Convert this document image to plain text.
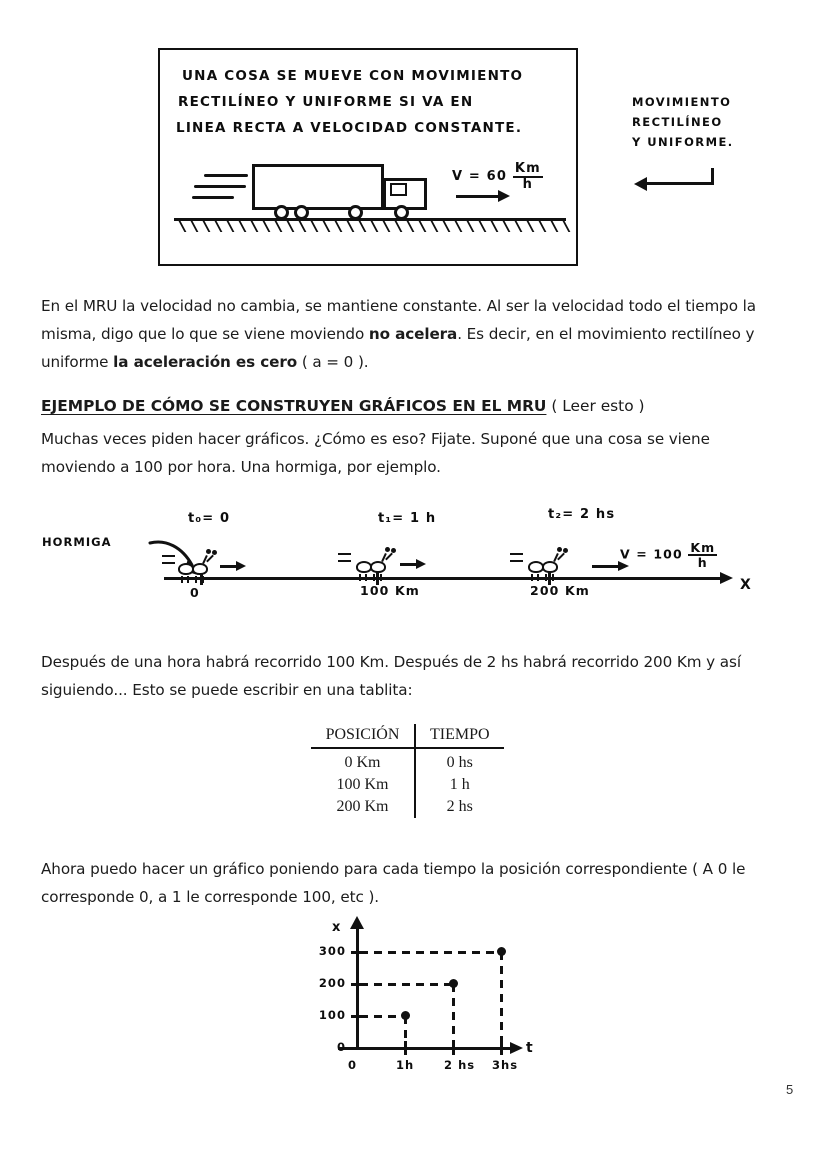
UNA COSA SE MUEVE CON MOVIMIENTO
RECTILÍNEO Y UNIFORME SI VA EN
LINEA RECTA A VELOCIDAD CONSTANTE.
$V = 60 \frac{Km}{h}$
MOVIMIENTO
RECTILÍNEO
Y UNIFORME.
En el MRU la velocidad no cambia, se mantiene constante. Al ser la velocidad todo el tiempo la misma, digo que lo que se viene moviendo no acelera. Es decir, en el movimiento rectilíneo y uniforme la aceleración es cero ( a = 0 ).
EJEMPLO DE CÓMO SE CONSTRUYEN GRÁFICOS EN EL MRU ( Leer esto )
Muchas veces piden hacer gráficos. ¿Cómo es eso? Fijate. Suponé que una cosa se viene moviendo a 100 por hora. Una hormiga, por ejemplo.
HORMIGA
X
t₀= 0	t₁= 1 h	t₂= 2 hs
0	100 Km	200 Km
$V = 100 \frac{Km}{h}$
Después de una hora habrá recorrido 100 Km. Después de 2 hs habrá recorrido 200 Km y así siguiendo... Esto se puede escribir en una tablita:
POSICIÓN	TIEMPO
0 Km	0 hs
100 Km	1 h
200 Km	2 hs
Ahora puedo hacer un gráfico poniendo para cada tiempo la posición correspondiente ( A 0 le corresponde 0, a 1 le corresponde 100, etc ).
x
t
0
100
200
300
0	1h	2 hs 3hs
5
